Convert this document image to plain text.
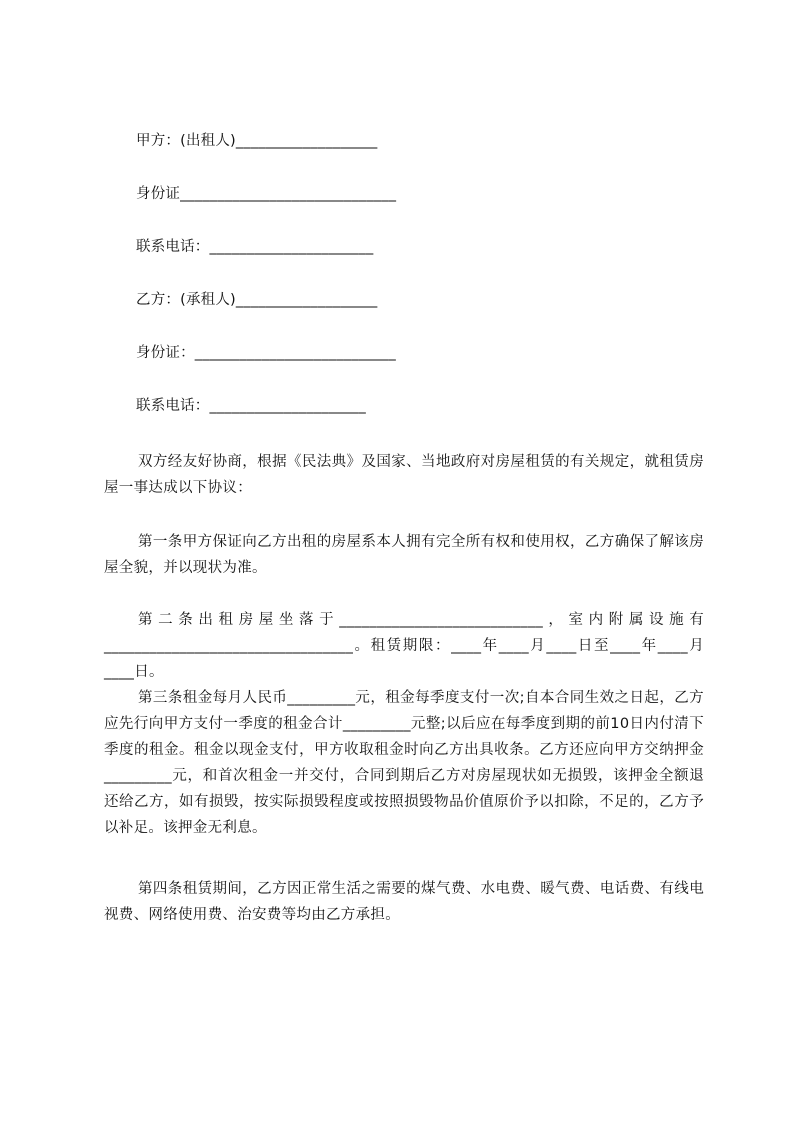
甲方：(出租人)___________________
身份证_____________________________
联系电话：______________________
乙方：(承租人)___________________
身份证：___________________________
联系电话：_____________________
双方经友好协商，根据《民法典》及国家、当地政府对房屋租赁的有关规定，就租赁房屋一事达成以下协议：
第一条甲方保证向乙方出租的房屋系本人拥有完全所有权和使用权，乙方确保了解该房屋全貌，并以现状为准。
第二条出租房屋坐落于___________________________，室内附属设施有_________________________________。租赁期限：____年____月____日至____年____月____日。
第三条租金每月人民币_________元，租金每季度支付一次;自本合同生效之日起，乙方应先行向甲方支付一季度的租金合计_________元整;以后应在每季度到期的前10日内付清下季度的租金。租金以现金支付，甲方收取租金时向乙方出具收条。乙方还应向甲方交纳押金_________元，和首次租金一并交付，合同到期后乙方对房屋现状如无损毁，该押金全额退还给乙方，如有损毁，按实际损毁程度或按照损毁物品价值原价予以扣除，不足的，乙方予以补足。该押金无利息。
第四条租赁期间，乙方因正常生活之需要的煤气费、水电费、暖气费、电话费、有线电视费、网络使用费、治安费等均由乙方承担。
